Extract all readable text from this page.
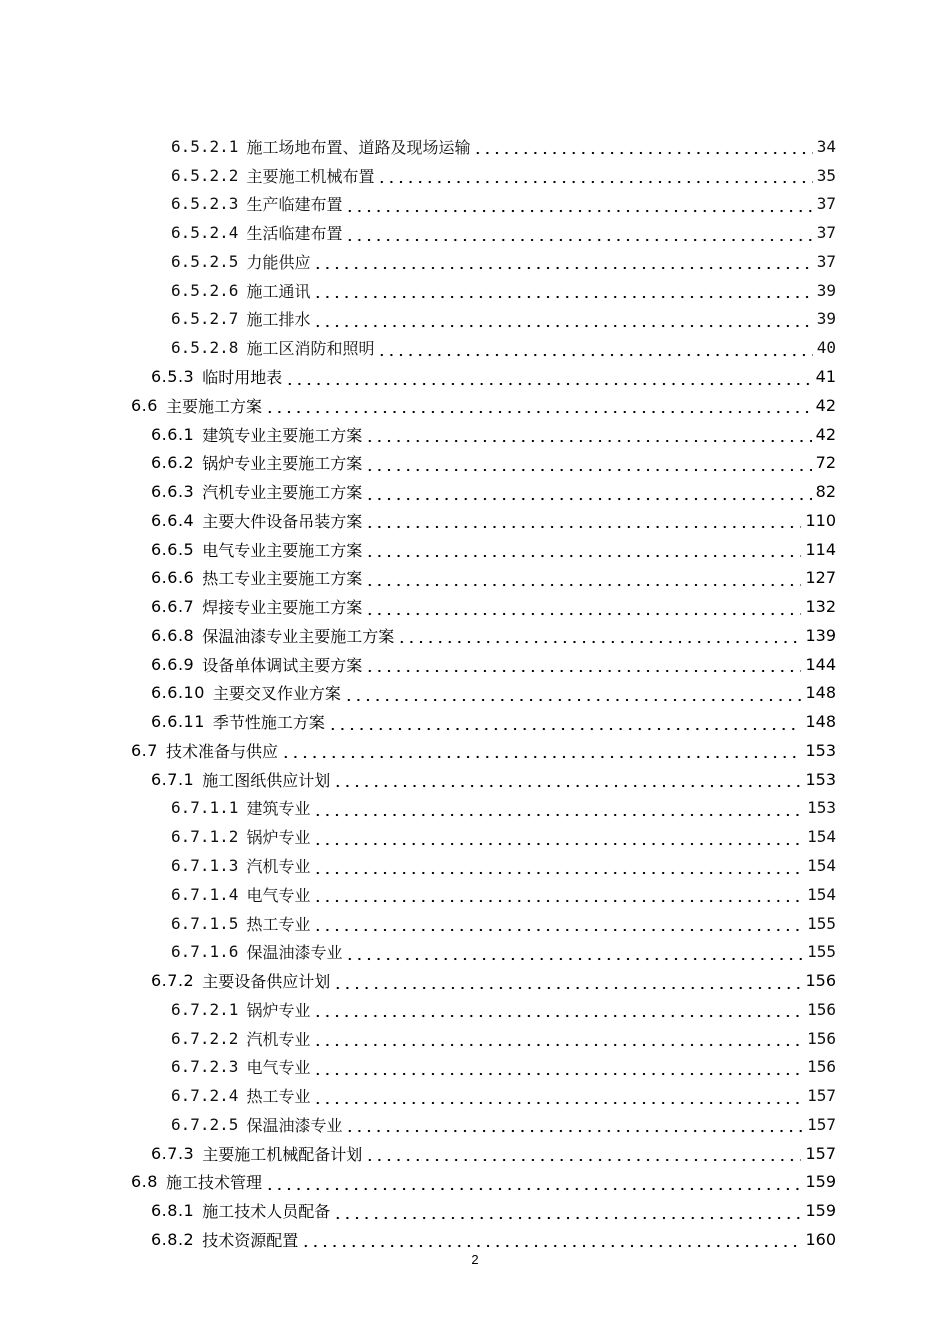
6.5.2.1 施工场地布置、道路及现场运输	34
6.5.2.2 主要施工机械布置	35
6.5.2.3 生产临建布置	37
6.5.2.4 生活临建布置	37
6.5.2.5 力能供应	37
6.5.2.6 施工通讯	39
6.5.2.7 施工排水	39
6.5.2.8 施工区消防和照明	40
6.5.3 临时用地表	41
6.6 主要施工方案	42
6.6.1 建筑专业主要施工方案	42
6.6.2 锅炉专业主要施工方案	72
6.6.3 汽机专业主要施工方案	82
6.6.4 主要大件设备吊装方案	110
6.6.5 电气专业主要施工方案	114
6.6.6 热工专业主要施工方案	127
6.6.7 焊接专业主要施工方案	132
6.6.8 保温油漆专业主要施工方案	139
6.6.9 设备单体调试主要方案	144
6.6.10 主要交叉作业方案	148
6.6.11 季节性施工方案	148
6.7 技术准备与供应	153
6.7.1 施工图纸供应计划	153
6.7.1.1 建筑专业	153
6.7.1.2 锅炉专业	154
6.7.1.3 汽机专业	154
6.7.1.4 电气专业	154
6.7.1.5 热工专业	155
6.7.1.6 保温油漆专业	155
6.7.2 主要设备供应计划	156
6.7.2.1 锅炉专业	156
6.7.2.2 汽机专业	156
6.7.2.3 电气专业	156
6.7.2.4 热工专业	157
6.7.2.5 保温油漆专业	157
6.7.3 主要施工机械配备计划	157
6.8 施工技术管理	159
6.8.1 施工技术人员配备	159
6.8.2 技术资源配置	160
2
